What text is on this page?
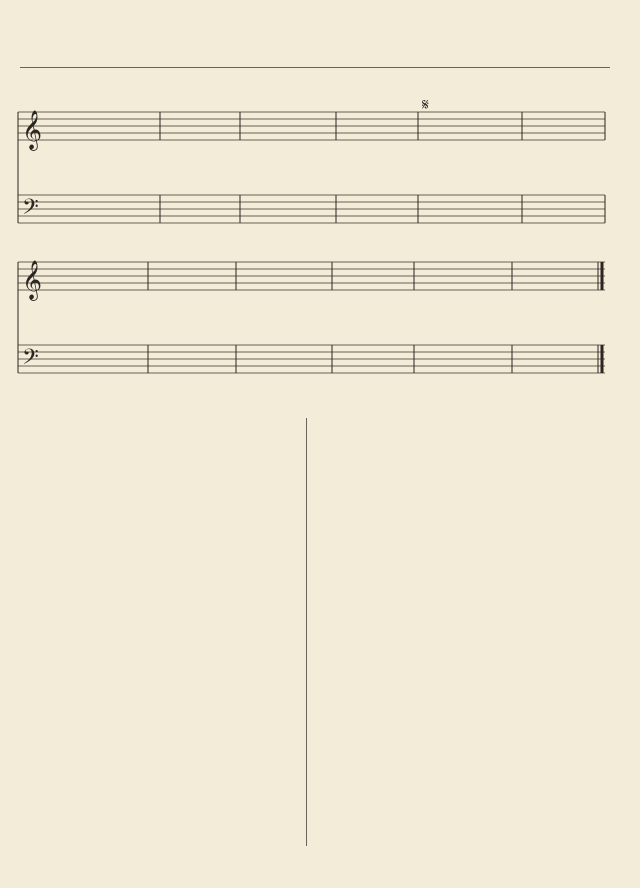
𝄞
𝄢
𝄋
𝄞
𝄢
